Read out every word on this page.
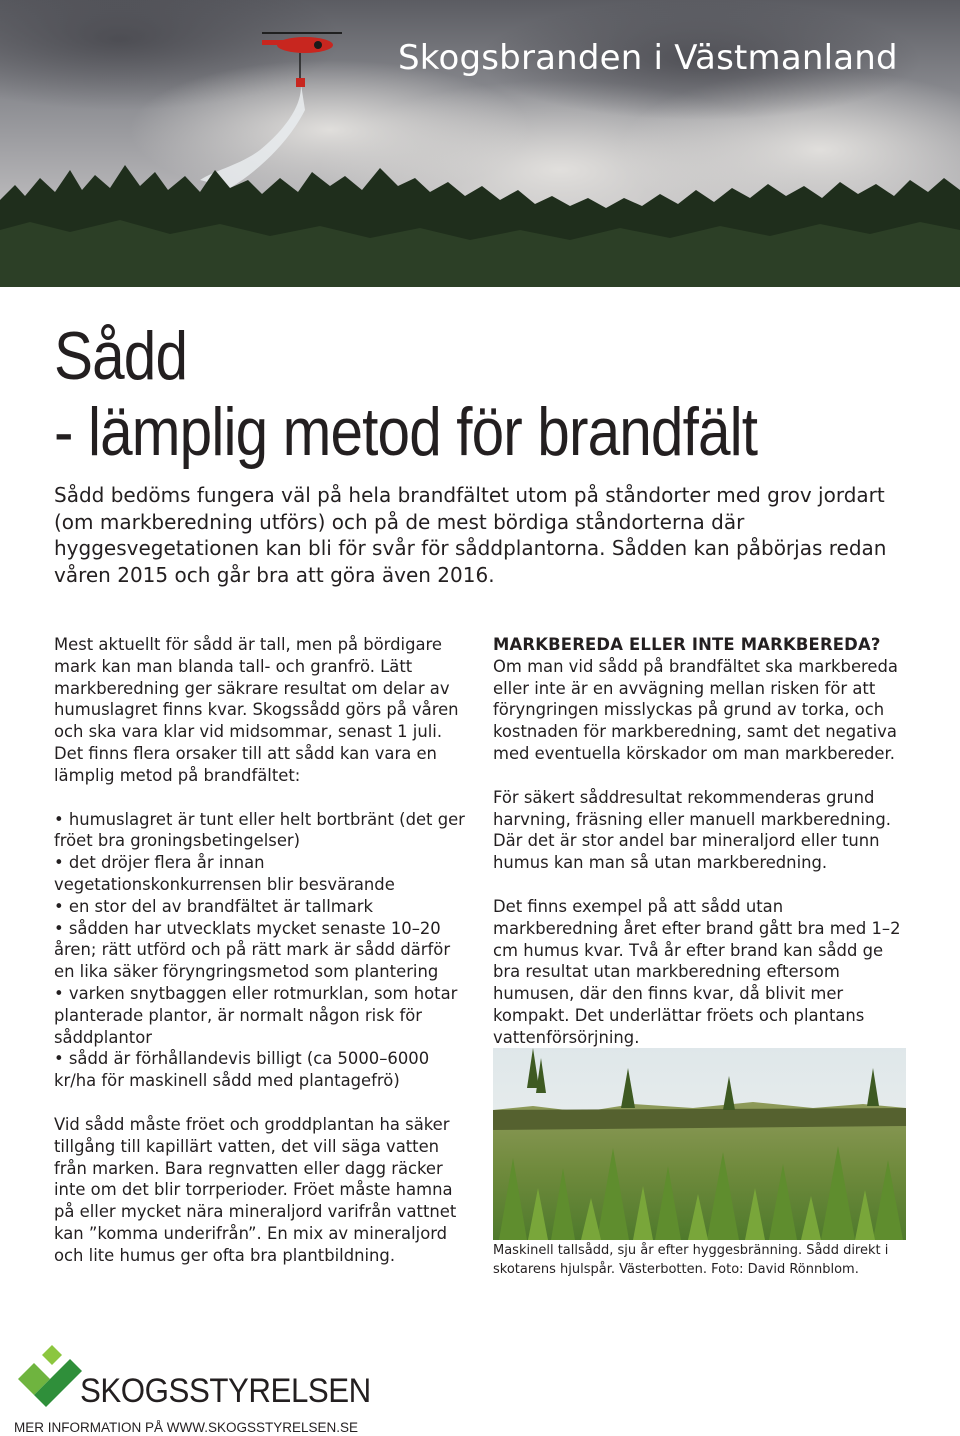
Skogsbranden i Västmanland
Sådd
- lämplig metod för brandfält

Sådd bedöms fungera väl på hela brandfältet utom på ståndorter med grov jordart (om markberedning utförs) och på de mest bördiga ståndorterna där hyggesvegetationen kan bli för svår för såddplantorna. Sådden kan påbörjas redan våren 2015 och går bra att göra även 2016.

Mest aktuellt för sådd är tall, men på bördigare mark kan man blanda tall- och granfrö. Lätt markberedning ger säkrare resultat om delar av humuslagret finns kvar. Skogssådd görs på våren och ska vara klar vid midsommar, senast 1 juli. Det finns flera orsaker till att sådd kan vara en lämplig metod på brandfältet:

• humuslagret är tunt eller helt bortbränt (det ger fröet bra groningsbetingelser)

• det dröjer flera år innan vegetationskonkurrensen blir besvärande

• en stor del av brandfältet är tallmark

• sådden har utvecklats mycket senaste 10–20 åren; rätt utförd och på rätt mark är sådd därför en lika säker föryngringsmetod som plantering

• varken snytbaggen eller rotmurklan, som hotar planterade plantor, är normalt någon risk för såddplantor

• sådd är förhållandevis billigt (ca 5000–6000 kr/ha för maskinell sådd med plantagefrö)

Vid sådd måste fröet och groddplantan ha säker tillgång till kapillärt vatten, det vill säga vatten från marken. Bara regnvatten eller dagg räcker inte om det blir torrperioder. Fröet måste hamna på eller mycket nära mineraljord varifrån vattnet kan ”komma underifrån”. En mix av mineraljord och lite humus ger ofta bra plantbildning.

MARKBEREDA ELLER INTE MARKBEREDA?

Om man vid sådd på brandfältet ska markbereda eller inte är en avvägning mellan risken för att föryngringen misslyckas på grund av torka, och kostnaden för markberedning, samt det negativa med eventuella körskador om man markbereder.

För säkert såddresultat rekommenderas grund harvning, fräsning eller manuell markberedning. Där det är stor andel bar mineraljord eller tunn humus kan man så utan markberedning.

Det finns exempel på att sådd utan markberedning året efter brand gått bra med 1–2 cm humus kvar. Två år efter brand kan sådd ge bra resultat utan markberedning eftersom humusen, där den finns kvar, då blivit mer kompakt. Det underlättar fröets och plantans vattenförsörjning.

Maskinell tallsådd, sju år efter hyggesbränning. Sådd direkt i skotarens hjulspår. Västerbotten. Foto: David Rönnblom.

SKOGSSTYRELSEN

MER INFORMATION PÅ WWW.SKOGSSTYRELSEN.SE
